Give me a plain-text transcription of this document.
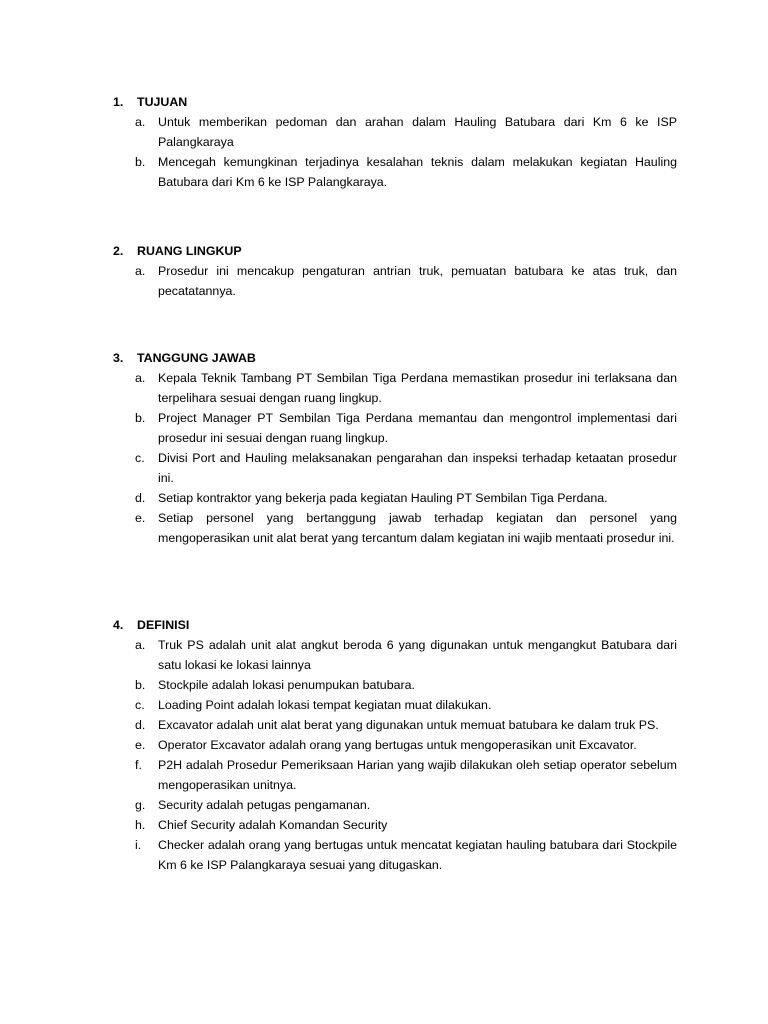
1.	TUJUAN
a.	Untuk memberikan pedoman dan arahan dalam Hauling Batubara dari Km 6 ke ISP Palangkaraya
b.	Mencegah kemungkinan terjadinya kesalahan teknis dalam melakukan kegiatan Hauling Batubara dari Km 6 ke ISP Palangkaraya.
2.	RUANG LINGKUP
a.	Prosedur ini mencakup pengaturan antrian truk, pemuatan batubara ke atas truk, dan pecatatannya.
3.	TANGGUNG JAWAB
a.	Kepala Teknik Tambang PT Sembilan Tiga Perdana memastikan prosedur ini terlaksana dan terpelihara sesuai dengan ruang lingkup.
b.	Project Manager PT Sembilan Tiga Perdana memantau dan mengontrol implementasi dari prosedur ini sesuai dengan ruang lingkup.
c.	Divisi Port and Hauling melaksanakan pengarahan dan inspeksi terhadap ketaatan prosedur ini.
d.	Setiap kontraktor yang bekerja pada kegiatan Hauling PT Sembilan Tiga Perdana.
e.	Setiap personel yang bertanggung jawab terhadap kegiatan dan personel yang mengoperasikan unit alat berat yang tercantum dalam kegiatan ini wajib mentaati prosedur ini.
4.	DEFINISI
a.	Truk PS adalah unit alat angkut beroda 6 yang digunakan untuk mengangkut Batubara dari satu lokasi ke lokasi lainnya
b.	Stockpile adalah lokasi penumpukan batubara.
c.	Loading Point adalah lokasi tempat kegiatan muat dilakukan.
d.	Excavator adalah unit alat berat yang digunakan untuk memuat batubara ke dalam truk PS.
e.	Operator Excavator adalah orang yang bertugas untuk mengoperasikan unit Excavator.
f.	P2H adalah Prosedur Pemeriksaan Harian yang wajib dilakukan oleh setiap operator sebelum mengoperasikan unitnya.
g.	Security adalah petugas pengamanan.
h.	Chief Security adalah Komandan Security
i.	Checker adalah orang yang bertugas untuk mencatat kegiatan hauling batubara dari Stockpile Km 6 ke ISP Palangkaraya sesuai yang ditugaskan.
